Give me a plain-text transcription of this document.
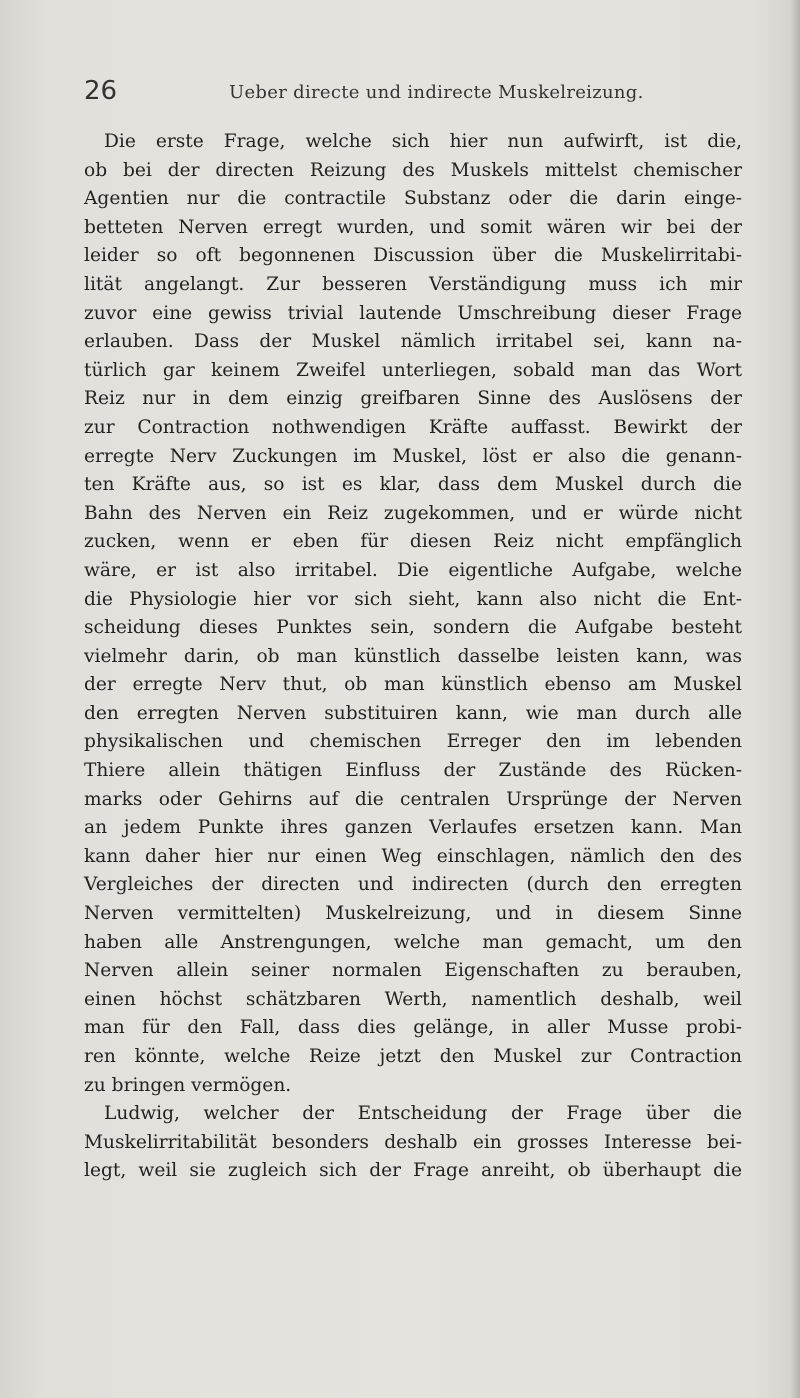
26	Ueber directe und indirecte Muskelreizung.
Die erste Frage, welche sich hier nun aufwirft, ist die,
ob bei der directen Reizung des Muskels mittelst chemischer
Agentien nur die contractile Substanz oder die darin einge-
betteten Nerven erregt wurden, und somit wären wir bei der
leider so oft begonnenen Discussion über die Muskelirritabi-
lität angelangt. Zur besseren Verständigung muss ich mir
zuvor eine gewiss trivial lautende Umschreibung dieser Frage
erlauben. Dass der Muskel nämlich irritabel sei, kann na-
türlich gar keinem Zweifel unterliegen, sobald man das Wort
Reiz nur in dem einzig greifbaren Sinne des Auslösens der
zur Contraction nothwendigen Kräfte auffasst. Bewirkt der
erregte Nerv Zuckungen im Muskel, löst er also die genann-
ten Kräfte aus, so ist es klar, dass dem Muskel durch die
Bahn des Nerven ein Reiz zugekommen, und er würde nicht
zucken, wenn er eben für diesen Reiz nicht empfänglich
wäre, er ist also irritabel. Die eigentliche Aufgabe, welche
die Physiologie hier vor sich sieht, kann also nicht die Ent-
scheidung dieses Punktes sein, sondern die Aufgabe besteht
vielmehr darin, ob man künstlich dasselbe leisten kann, was
der erregte Nerv thut, ob man künstlich ebenso am Muskel
den erregten Nerven substituiren kann, wie man durch alle
physikalischen und chemischen Erreger den im lebenden
Thiere allein thätigen Einfluss der Zustände des Rücken-
marks oder Gehirns auf die centralen Ursprünge der Nerven
an jedem Punkte ihres ganzen Verlaufes ersetzen kann. Man
kann daher hier nur einen Weg einschlagen, nämlich den des
Vergleiches der directen und indirecten (durch den erregten
Nerven vermittelten) Muskelreizung, und in diesem Sinne
haben alle Anstrengungen, welche man gemacht, um den
Nerven allein seiner normalen Eigenschaften zu berauben,
einen höchst schätzbaren Werth, namentlich deshalb, weil
man für den Fall, dass dies gelänge, in aller Musse probi-
ren könnte, welche Reize jetzt den Muskel zur Contraction
zu bringen vermögen.
Ludwig, welcher der Entscheidung der Frage über die
Muskelirritabilität besonders deshalb ein grosses Interesse bei-
legt, weil sie zugleich sich der Frage anreiht, ob überhaupt die
